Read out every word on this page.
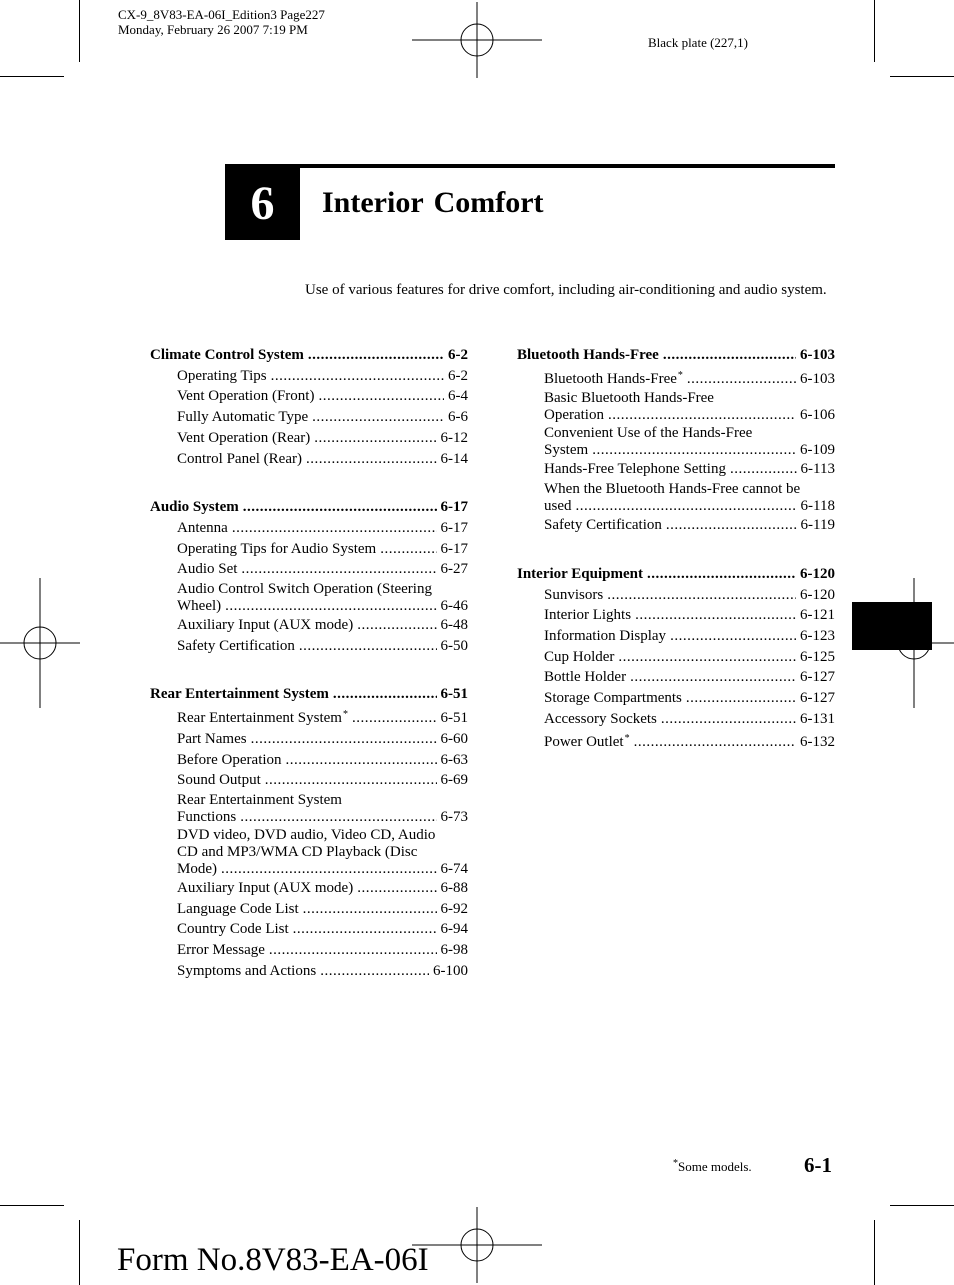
CX-9_8V83-EA-06I_Edition3 Page227
Monday, February 26 2007 7:19 PM
Black plate (227,1)
6	Interior Comfort
Use of various features for drive comfort, including air-conditioning and audio system.
Climate Control System .....	6-2
Operating Tips .....	6-2
Vent Operation (Front) .....	6-4
Fully Automatic Type .....	6-6
Vent Operation (Rear) .....	6-12
Control Panel (Rear) .....	6-14
Audio System .....	6-17
Antenna .....	6-17
Operating Tips for Audio System .....	6-17
Audio Set .....	6-27
Audio Control Switch Operation (Steering
Wheel) .....	6-46
Auxiliary Input (AUX mode) .....	6-48
Safety Certification .....	6-50
Rear Entertainment System .....	6-51
Rear Entertainment System* .....	6-51
Part Names .....	6-60
Before Operation .....	6-63
Sound Output .....	6-69
Rear Entertainment System
Functions .....	6-73
DVD video, DVD audio, Video CD, Audio
CD and MP3/WMA CD Playback (Disc
Mode) .....	6-74
Auxiliary Input (AUX mode) .....	6-88
Language Code List .....	6-92
Country Code List .....	6-94
Error Message .....	6-98
Symptoms and Actions .....	6-100
Bluetooth Hands-Free .....	6-103
Bluetooth Hands-Free* .....	6-103
Basic Bluetooth Hands-Free
Operation .....	6-106
Convenient Use of the Hands-Free
System .....	6-109
Hands-Free Telephone Setting .....	6-113
When the Bluetooth Hands-Free cannot be
used .....	6-118
Safety Certification .....	6-119
Interior Equipment .....	6-120
Sunvisors .....	6-120
Interior Lights .....	6-121
Information Display .....	6-123
Cup Holder .....	6-125
Bottle Holder .....	6-127
Storage Compartments .....	6-127
Accessory Sockets .....	6-131
Power Outlet* .....	6-132
*Some models. 6-1
Form No.8V83-EA-06I
